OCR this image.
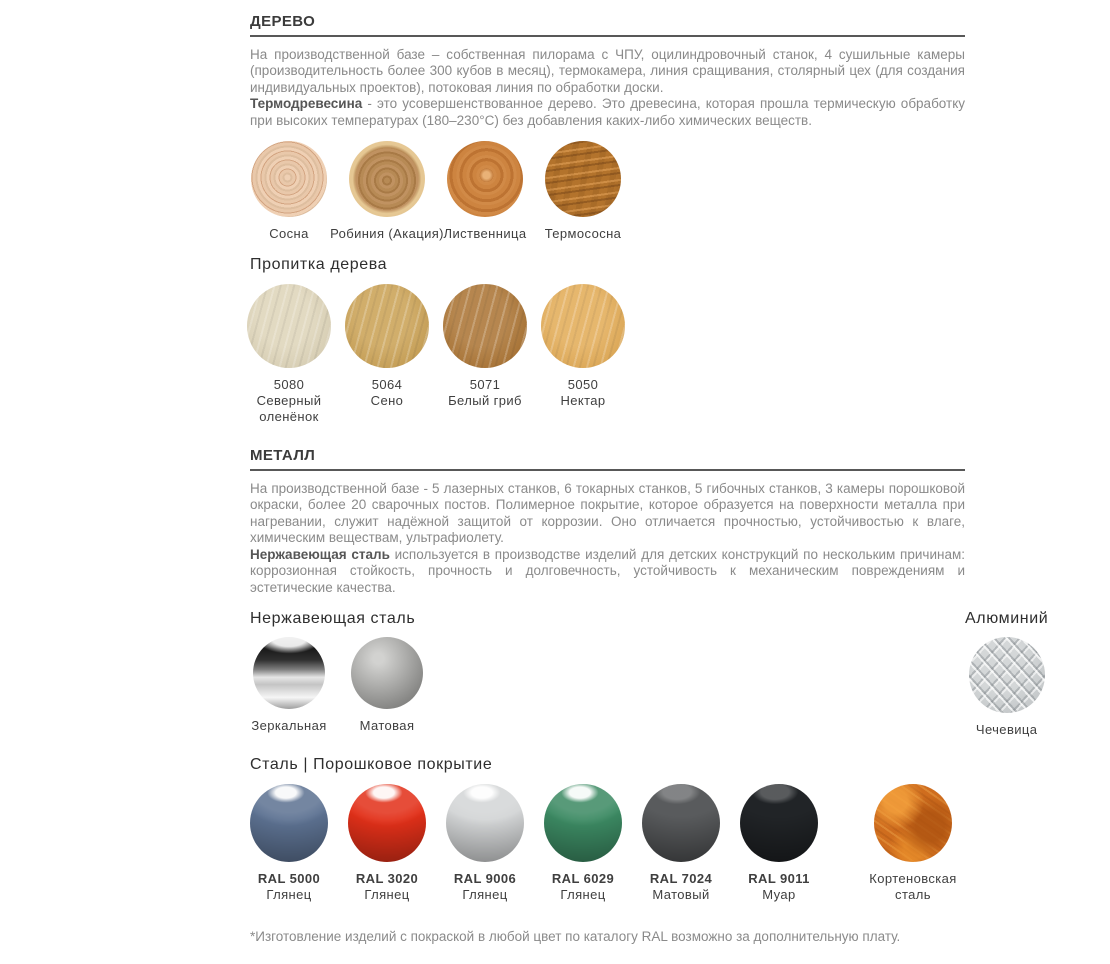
ДЕРЕВО

На производственной базе – собственная пилорама с ЧПУ, оцилиндровочный станок, 4 сушильные камеры (производительность более 300 кубов в месяц), термокамера, линия сращивания, столярный цех (для создания индивидуальных проектов), потоковая линия по обработки доски.

Термодревесина - это усовершенствованное дерево. Это древесина, которая прошла термическую обработку при высоких температурах (180–230°С) без добавления каких-либо химических веществ.

Сосна Робиния (Акация) Лиственница Термососна
Пропитка дерева
5080
Северный оленёнок
5064
Сено
5071
Белый гриб
5050
Нектар
МЕТАЛЛ

На производственной базе - 5 лазерных станков, 6 токарных станков, 5 гибочных станков, 3 камеры порошковой окраски, более 20 сварочных постов. Полимерное покрытие, которое образуется на поверхности металла при нагревании, служит надёжной защитой от коррозии. Оно отличается прочностью, устойчивостью к влаге, химическим веществам, ультрафиолету.

Нержавеющая сталь используется в производстве изделий для детских конструкций по нескольким причинам: коррозионная стойкость, прочность и долговечность, устойчивость к механическим повреждениям и эстетические качества.

Нержавеющая сталь
Зеркальная	Матовая
Алюминий
Чечевица
Сталь | Порошковое покрытие
RAL 5000
Глянец
RAL 3020
Глянец
RAL 9006
Глянец
RAL 6029
Глянец
RAL 7024
Матовый
RAL 9011
Муар
Кортеновская сталь

*Изготовление изделий с покраской в любой цвет по каталогу RAL возможно за дополнительную плату.
